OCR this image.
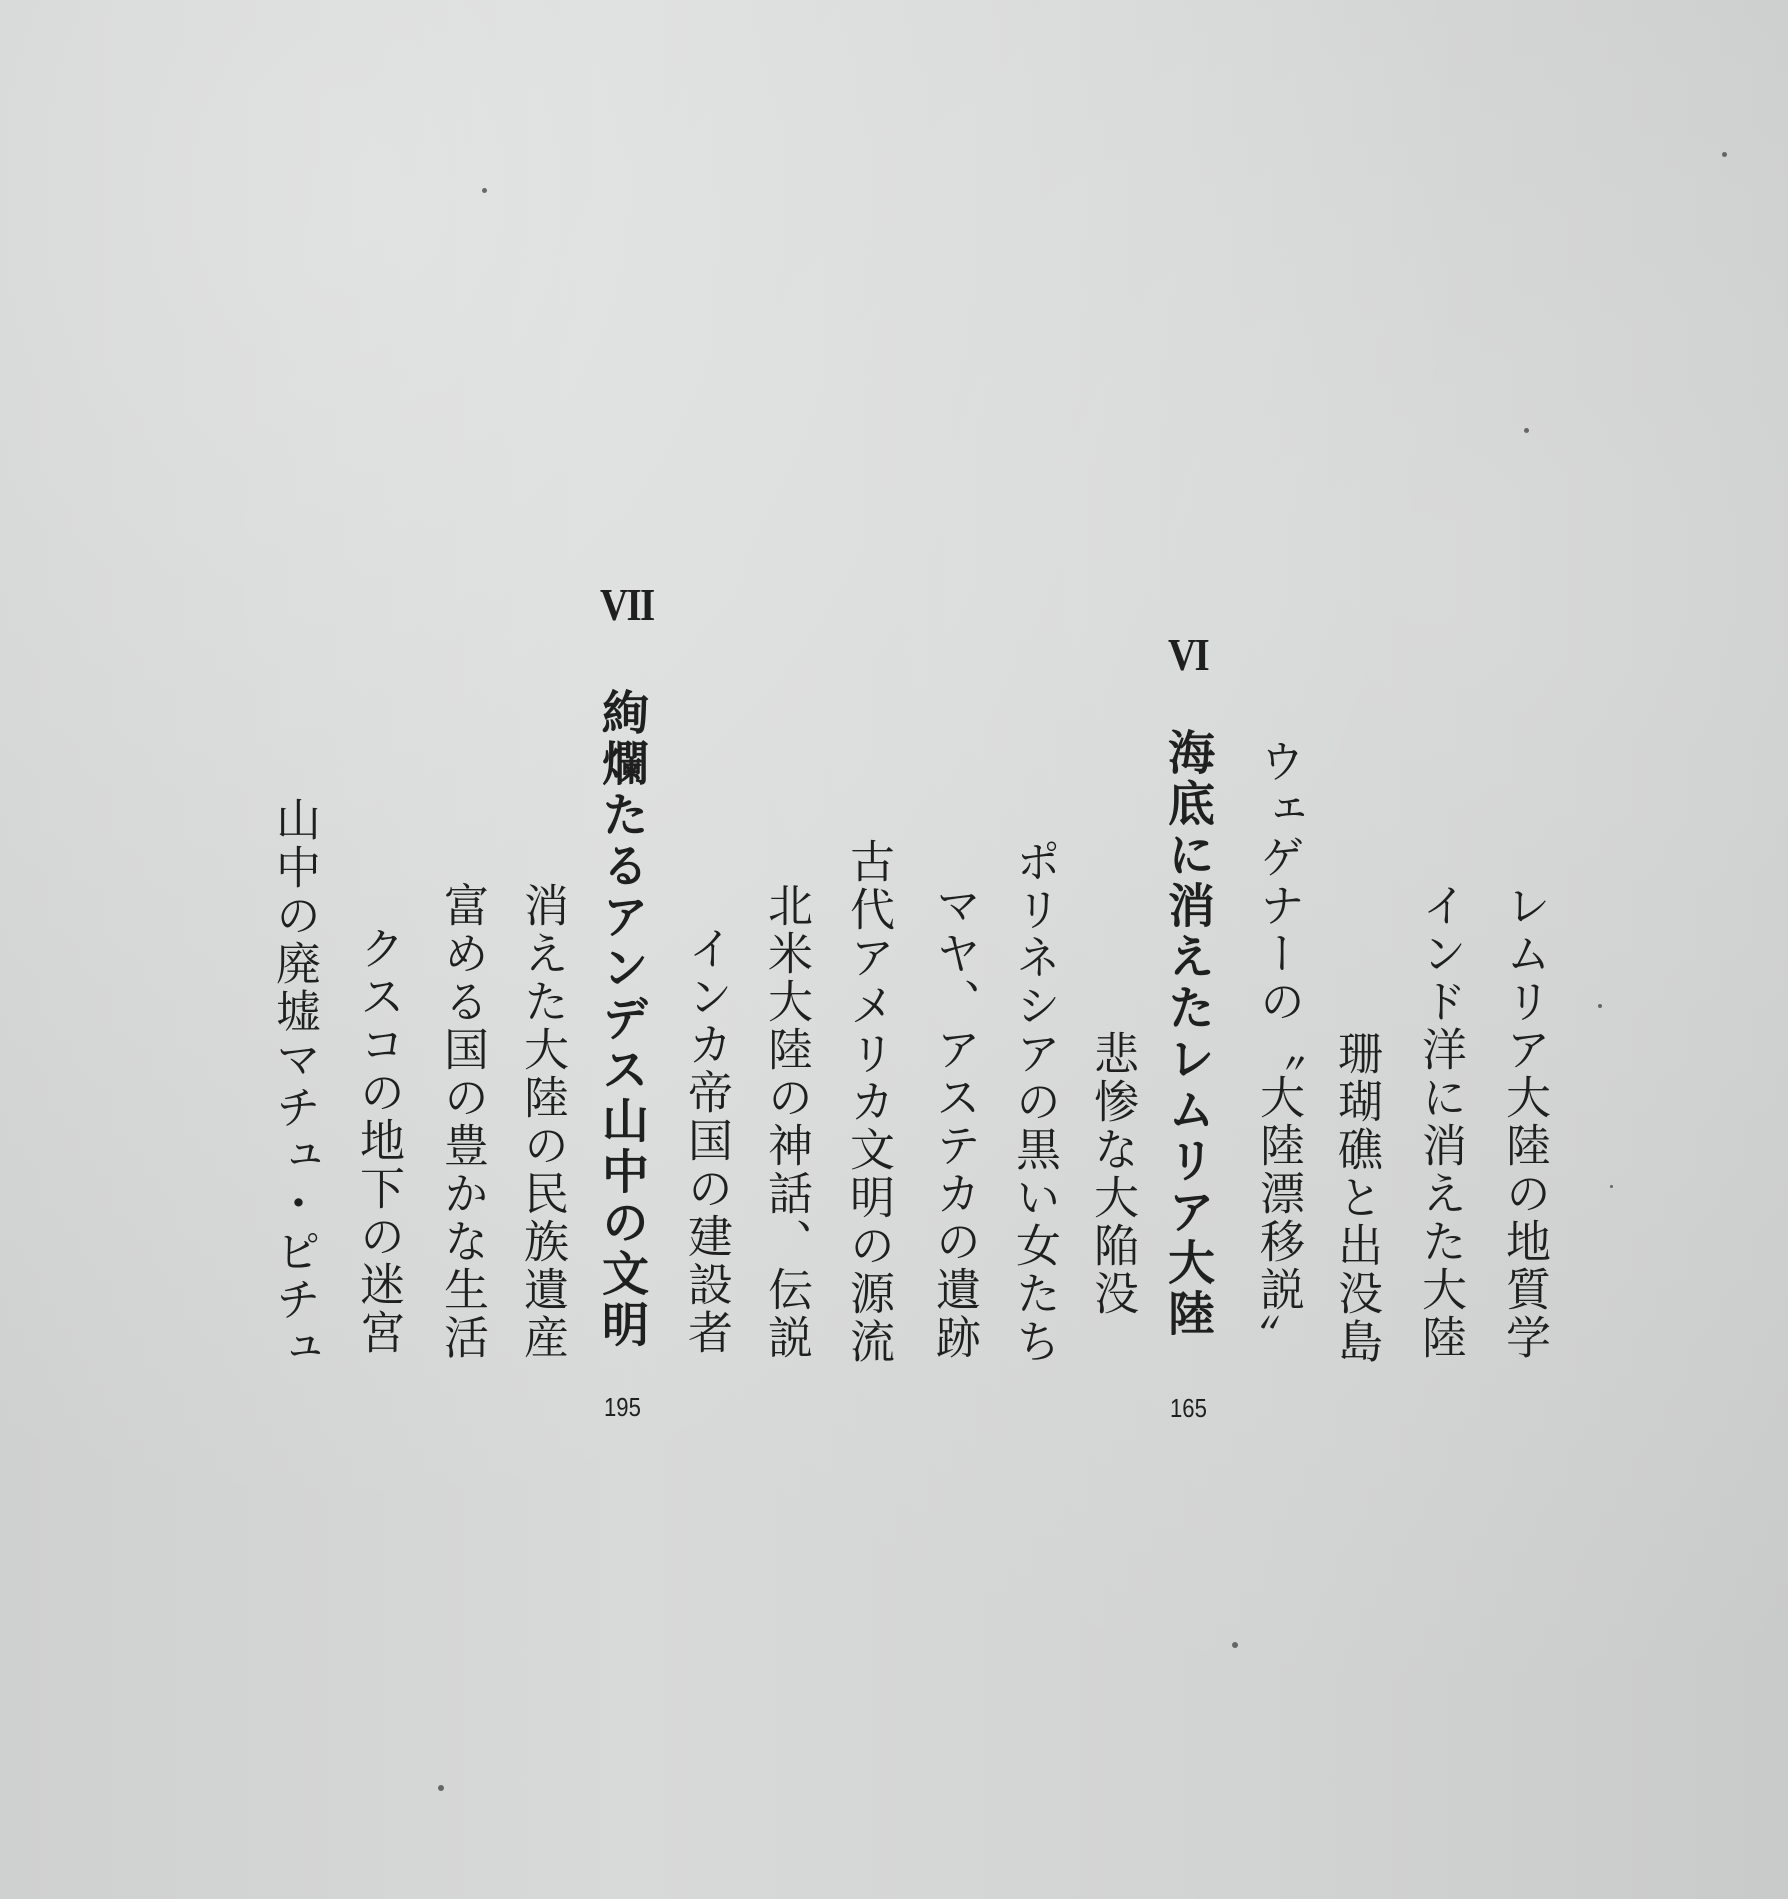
レムリア大陸の地質学
インド洋に消えた大陸
珊瑚礁と出没島
ウェゲナーの〝大陸漂移説〟
VI
海底に消えたレムリア大陸
165
悲惨な大陥没
ポリネシアの黒い女たち
マヤ、アステカの遺跡
古代アメリカ文明の源流
北米大陸の神話、伝説
インカ帝国の建設者
VII
絢爛たるアンデス山中の文明
195
消えた大陸の民族遺産
富める国の豊かな生活
クスコの地下の迷宮
山中の廃墟マチュ・ピチュ
